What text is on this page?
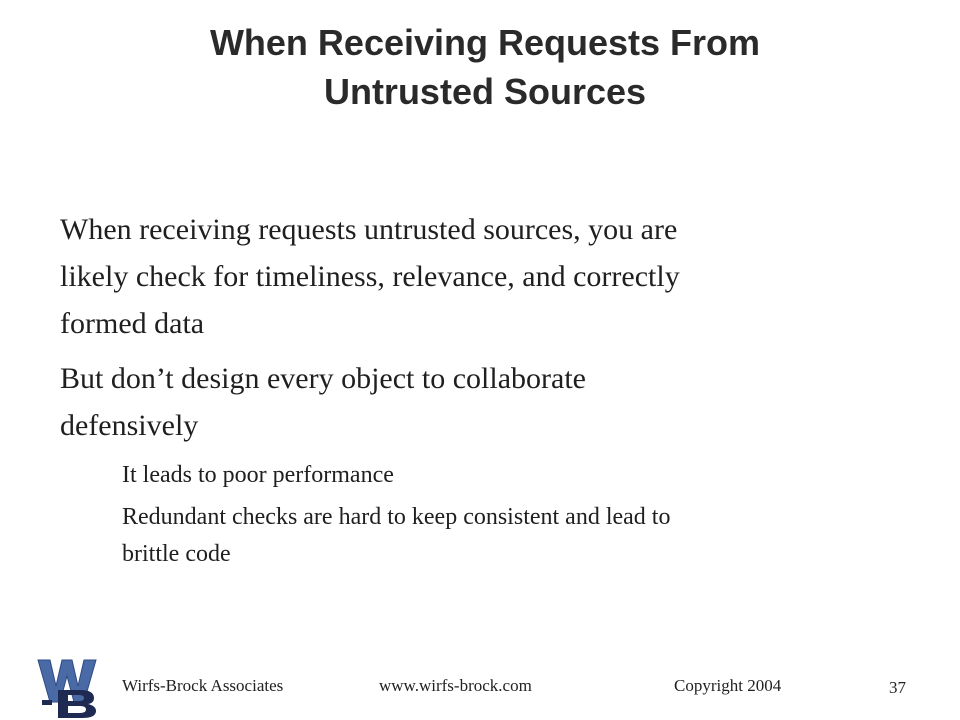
When Receiving Requests From
Untrusted Sources
When receiving requests untrusted sources, you are
likely check for timeliness, relevance, and correctly
formed data
But don’t design every object to collaborate
defensively
It leads to poor performance
Redundant checks are hard to keep consistent and lead to
brittle code
Wirfs-Brock Associates	www.wirfs-brock.com	Copyright 2004	37
